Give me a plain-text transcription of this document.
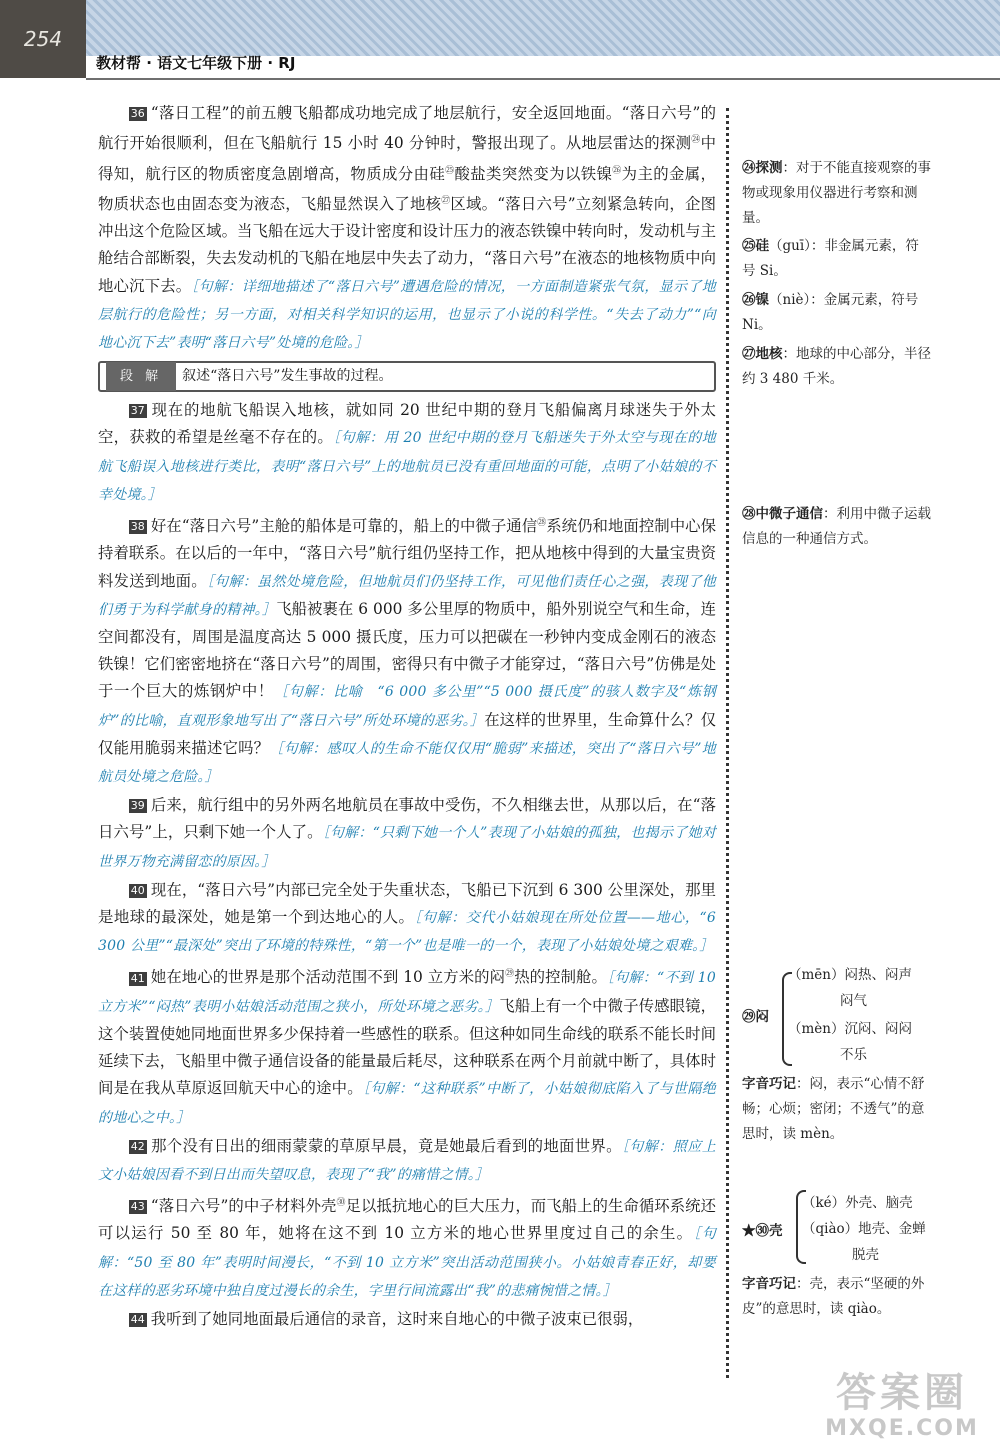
254
教材帮 · 语文七年级下册 · RJ

36 “落日工程”的前五艘飞船都成功地完成了地层航行，安全返回地面。“落日六号”的航行开始很顺利，但在飞船航行 15 小时 40 分钟时，警报出现了。从地层雷达的探测$^㉔$中得知，航行区的物质密度急剧增高，物质成分由硅$^㉕$酸盐类突然变为以铁镍$^㉖$为主的金属，物质状态也由固态变为液态，飞船显然误入了地核$^㉗$区域。“落日六号”立刻紧急转向，企图冲出这个危险区域。当飞船在远大于设计密度和设计压力的液态铁镍中转向时，发动机与主舱结合部断裂，失去发动机的飞船在地层中失去了动力，“落日六号”在液态的地核物质中向地心沉下去。［句解：详细地描述了“落日六号”遭遇危险的情况，一方面制造紧张气氛，显示了地层航行的危险性；另一方面，对相关科学知识的运用，也显示了小说的科学性。“失去了动力”“向地心沉下去”表明“落日六号”处境的危险。］

段 解	叙述“落日六号”发生事故的过程。

37 现在的地航飞船误入地核，就如同 20 世纪中期的登月飞船偏离月球迷失于外太空，获救的希望是丝毫不存在的。［句解：用 20 世纪中期的登月飞船迷失于外太空与现在的地航飞船误入地核进行类比，表明“落日六号”上的地航员已没有重回地面的可能，点明了小姑娘的不幸处境。］

38 好在“落日六号”主舱的船体是可靠的，船上的中微子通信$^㉘$系统仍和地面控制中心保持着联系。在以后的一年中，“落日六号”航行组仍坚持工作，把从地核中得到的大量宝贵资料发送到地面。［句解：虽然处境危险，但地航员们仍坚持工作，可见他们责任心之强，表现了他们勇于为科学献身的精神。］飞船被裹在 6 000 多公里厚的物质中，船外别说空气和生命，连空间都没有，周围是温度高达 5 000 摄氏度，压力可以把碳在一秒钟内变成金刚石的液态铁镍！它们密密地挤在“落日六号”的周围，密得只有中微子才能穿过，“落日六号”仿佛是处于一个巨大的炼钢炉中！［句解：比喻　“6 000 多公里”“5 000 摄氏度”的骇人数字及“炼钢炉”的比喻，直观形象地写出了“落日六号”所处环境的恶劣。］在这样的世界里，生命算什么？仅仅能用脆弱来描述它吗？［句解：感叹人的生命不能仅仅用“脆弱”来描述，突出了“落日六号”地航员处境之危险。］

39 后来，航行组中的另外两名地航员在事故中受伤，不久相继去世，从那以后，在“落日六号”上，只剩下她一个人了。［句解：“只剩下她一个人”表现了小姑娘的孤独，也揭示了她对世界万物充满留恋的原因。］

40 现在，“落日六号”内部已完全处于失重状态，飞船已下沉到 6 300 公里深处，那里是地球的最深处，她是第一个到达地心的人。［句解：交代小姑娘现在所处位置——地心，“6 300 公里”“最深处”突出了环境的特殊性，“第一个”也是唯一的一个，表现了小姑娘处境之艰难。］

41 她在地心的世界是那个活动范围不到 10 立方米的闷$^㉙$热的控制舱。［句解：“不到 10 立方米”“闷热”表明小姑娘活动范围之狭小，所处环境之恶劣。］飞船上有一个中微子传感眼镜，这个装置使她同地面世界多少保持着一些感性的联系。但这种如同生命线的联系不能长时间延续下去，飞船里中微子通信设备的能量最后耗尽，这种联系在两个月前就中断了，具体时间是在我从草原返回航天中心的途中。［句解：“这种联系”中断了，小姑娘彻底陷入了与世隔绝的地心之中。］

42 那个没有日出的细雨蒙蒙的草原早晨，竟是她最后看到的地面世界。［句解：照应上文小姑娘因看不到日出而失望叹息，表现了“我”的痛惜之情。］

43 “落日六号”的中子材料外壳$^㉚$足以抵抗地心的巨大压力，而飞船上的生命循环系统还可以运行 50 至 80 年，她将在这不到 10 立方米的地心世界里度过自己的余生。［句解：“50 至 80 年”表明时间漫长，“不到 10 立方米”突出活动范围狭小。小姑娘青春正好，却要在这样的恶劣环境中独自度过漫长的余生，字里行间流露出“我”的悲痛惋惜之情。］

44 我听到了她同地面最后通信的录音，这时来自地心的中微子波束已很弱，

㉔探测：对于不能直接观察的事物或现象用仪器进行考察和测量。
㉕硅（guī）：非金属元素，符号 Si。
㉖镍（niè）：金属元素，符号 Ni。
㉗地核：地球的中心部分，半径约 3 480 千米。
㉘中微子通信：利用中微子运载信息的一种通信方式。
㉙闷
（mēn）闷热、闷声
闷气
（mèn）沉闷、闷闷
不乐
字音巧记：闷，表示“心情不舒畅；心烦；密闭；不透气”的意思时，读 mèn。
★㉚壳
（ké）外壳、脑壳
（qiào）地壳、金蝉
脱壳
字音巧记：壳，表示“坚硬的外皮”的意思时，读 qiào。
答案圈
MXQE.COM
